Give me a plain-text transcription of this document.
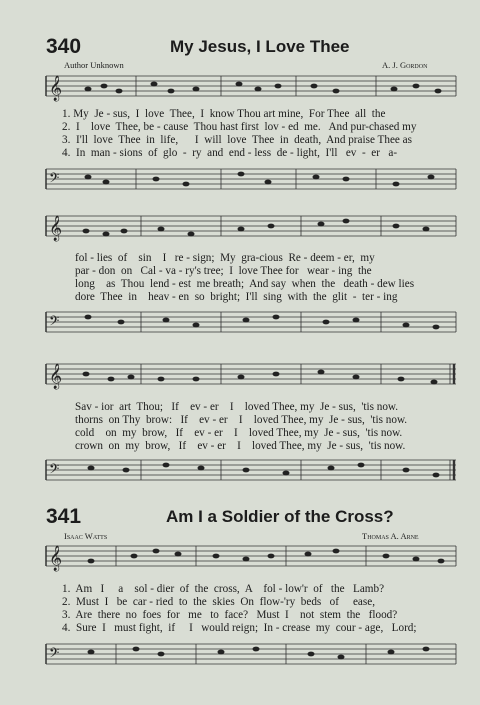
340	My Jesus, I Love Thee
Author Unknown	A. J. Gordon
𝄞
1. My  Je - sus,  I  love  Thee,  I  know Thou art mine,  For Thee  all  the
2.  I    love  Thee, be - cause  Thou hast first  lov - ed  me.   And pur-chased my
3.  I'll  love  Thee  in  life,      I  will  love  Thee  in  death,  And praise Thee as
4.  In  man - sions  of  glo  -  ry  and  end - less  de - light,  I'll   ev  -  er   a-
𝄢
𝄞
fol - lies  of    sin    I   re - sign;  My  gra-cious  Re - deem - er,  my
par - don  on   Cal - va - ry's tree;  I  love Thee for   wear - ing  the
long    as  Thou  lend - est  me breath;  And say  when  the   death - dew lies
dore  Thee  in    heav - en  so  bright;  I'll  sing  with  the  glit  -  ter - ing
𝄢
𝄞
Sav - ior  art  Thou;   If    ev - er    I    loved Thee, my  Je - sus,  'tis now.
thorns  on Thy  brow:   If    ev - er    I    loved Thee, my  Je - sus,  'tis now.
cold    on  my  brow,   If    ev - er    I    loved Thee, my  Je - sus,  'tis now.
crown  on  my  brow,   If    ev - er    I    loved Thee, my  Je - sus,  'tis now.
𝄢
341	Am I a Soldier of the Cross?
Isaac Watts	Thomas A. Arne
𝄞
1.  Am   I     a    sol - dier  of  the  cross,  A    fol - low'r  of   the   Lamb?
2.  Must  I   be  car - ried  to  the  skies  On  flow-'ry  beds   of     ease,
3.  Are  there  no  foes  for   me   to  face?   Must  I    not  stem  the   flood?
4.  Sure  I   must fight,  if     I   would reign;  In - crease  my  cour - age,   Lord;
𝄢
